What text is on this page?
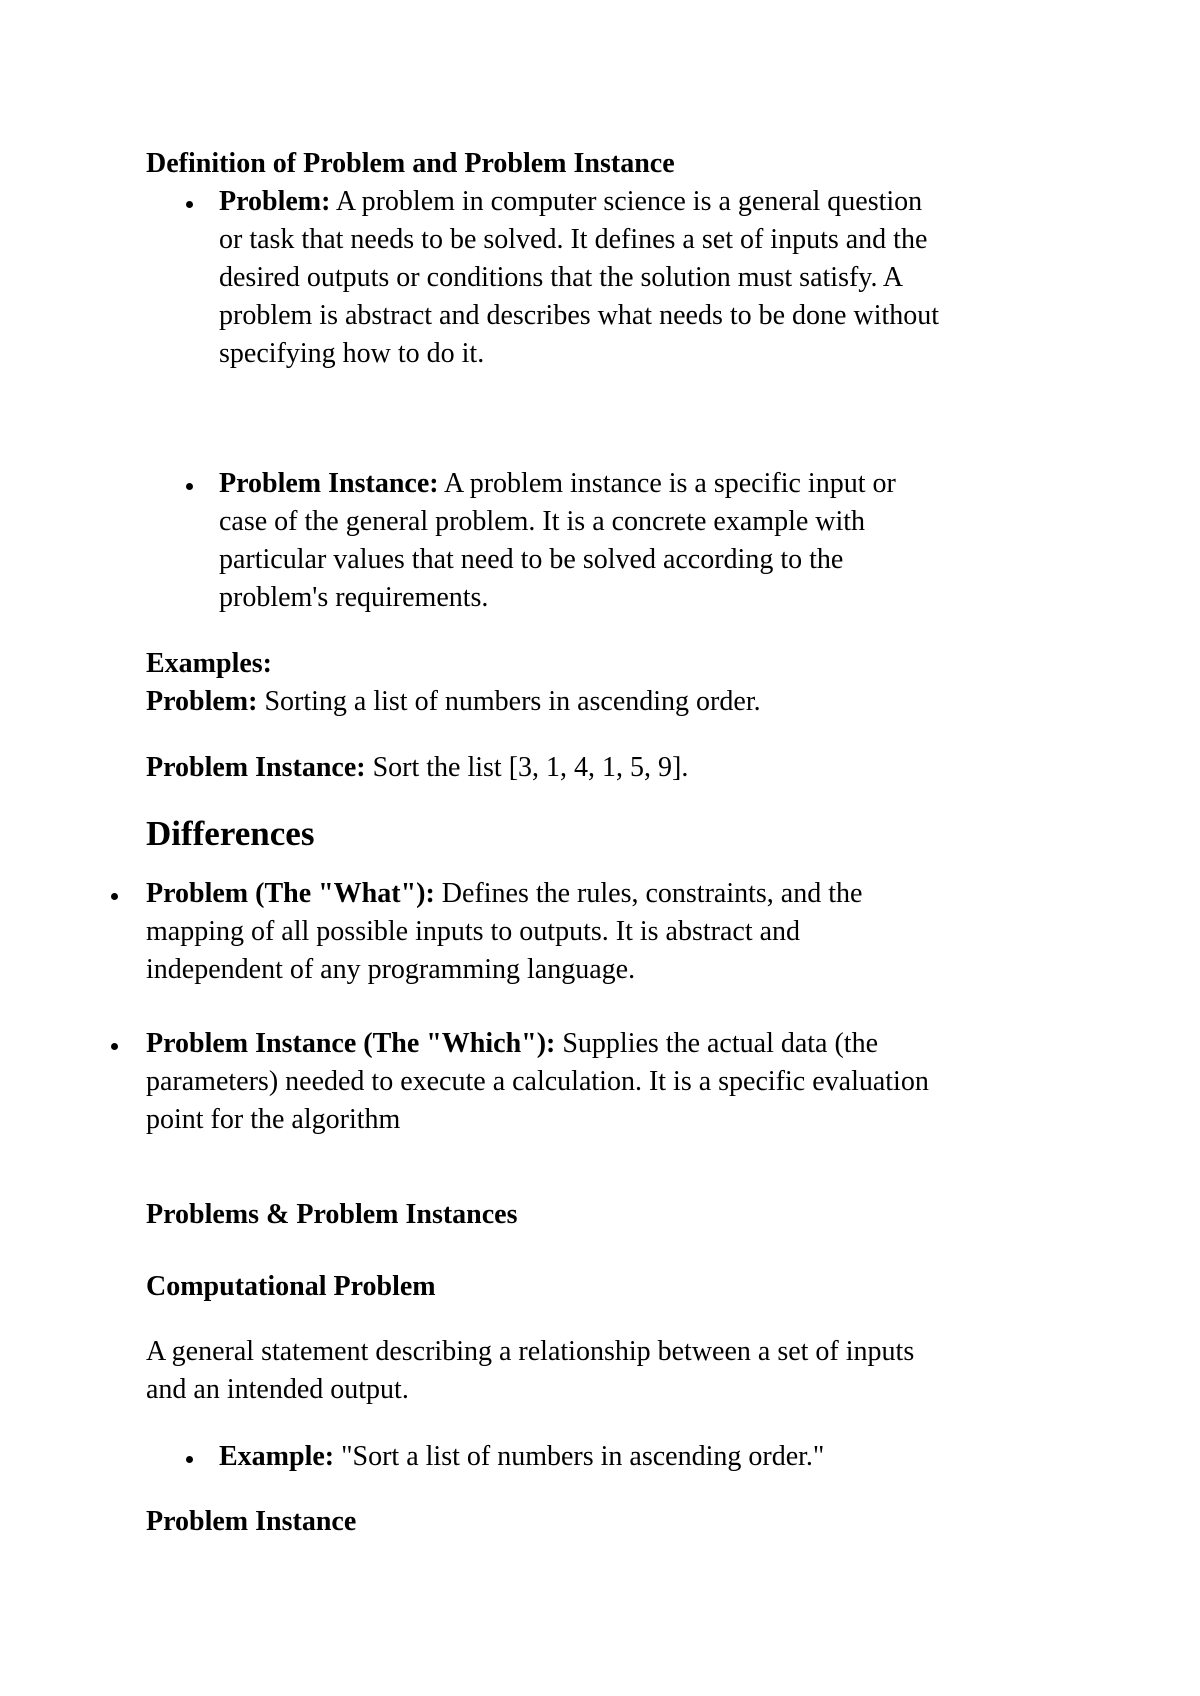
Definition of Problem and Problem Instance
Problem: A problem in computer science is a general question
or task that needs to be solved. It defines a set of inputs and the
desired outputs or conditions that the solution must satisfy. A
problem is abstract and describes what needs to be done without
specifying how to do it.
Problem Instance: A problem instance is a specific input or
case of the general problem. It is a concrete example with
particular values that need to be solved according to the
problem's requirements.
Examples:
Problem: Sorting a list of numbers in ascending order.
Problem Instance: Sort the list [3, 1, 4, 1, 5, 9].
Differences
Problem (The "What"): Defines the rules, constraints, and the
mapping of all possible inputs to outputs. It is abstract and
independent of any programming language.
Problem Instance (The "Which"): Supplies the actual data (the
parameters) needed to execute a calculation. It is a specific evaluation
point for the algorithm
Problems & Problem Instances
Computational Problem
A general statement describing a relationship between a set of inputs
and an intended output.
Example: "Sort a list of numbers in ascending order."
Problem Instance
